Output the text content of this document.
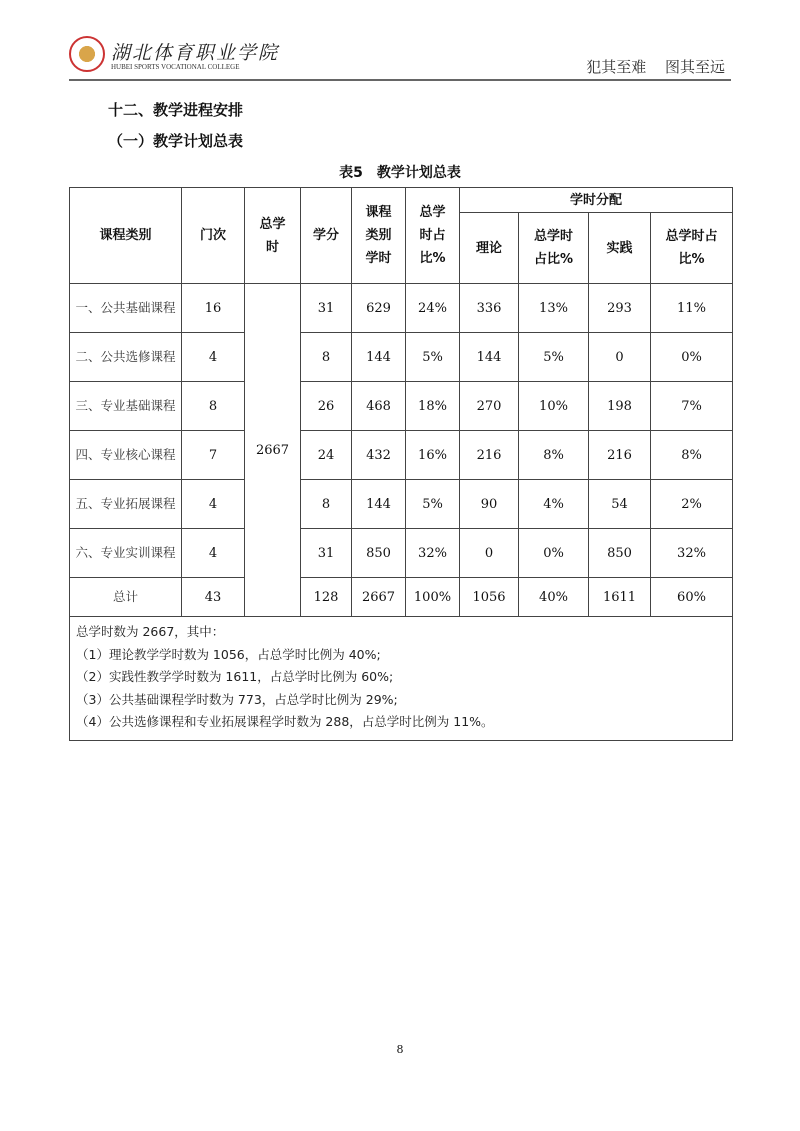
湖北体育职业学院
HUBEI SPORTS VOCATIONAL COLLEGE	犯其至难 图其至远
十二、教学进程安排
（一）教学计划总表
表5　教学计划总表
课程类别	门次	总学时	学分	课程类别学时	总学时占比%	学时分配			
						理论	总学时占比%	实践	总学时占比%
一、公共基础课程	16	2667	31	629	24%	336	13%	293	11%
二、公共选修课程	4		8	144	5%	144	5%	0	0%
三、专业基础课程	8		26	468	18%	270	10%	198	7%
四、专业核心课程	7		24	432	16%	216	8%	216	8%
五、专业拓展课程	4		8	144	5%	90	4%	54	2%
六、专业实训课程	4		31	850	32%	0	0%	850	32%
总计	43		128	2667	100%	1056	40%	1611	60%

总学时数为 2667，其中：
（1）理论教学学时数为 1056，占总学时比例为 40%;
（2）实践性教学学时数为 1611，占总学时比例为 60%;
（3）公共基础课程学时数为 773，占总学时比例为 29%;
（4）公共选修课程和专业拓展课程学时数为 288，占总学时比例为 11%。									
8
